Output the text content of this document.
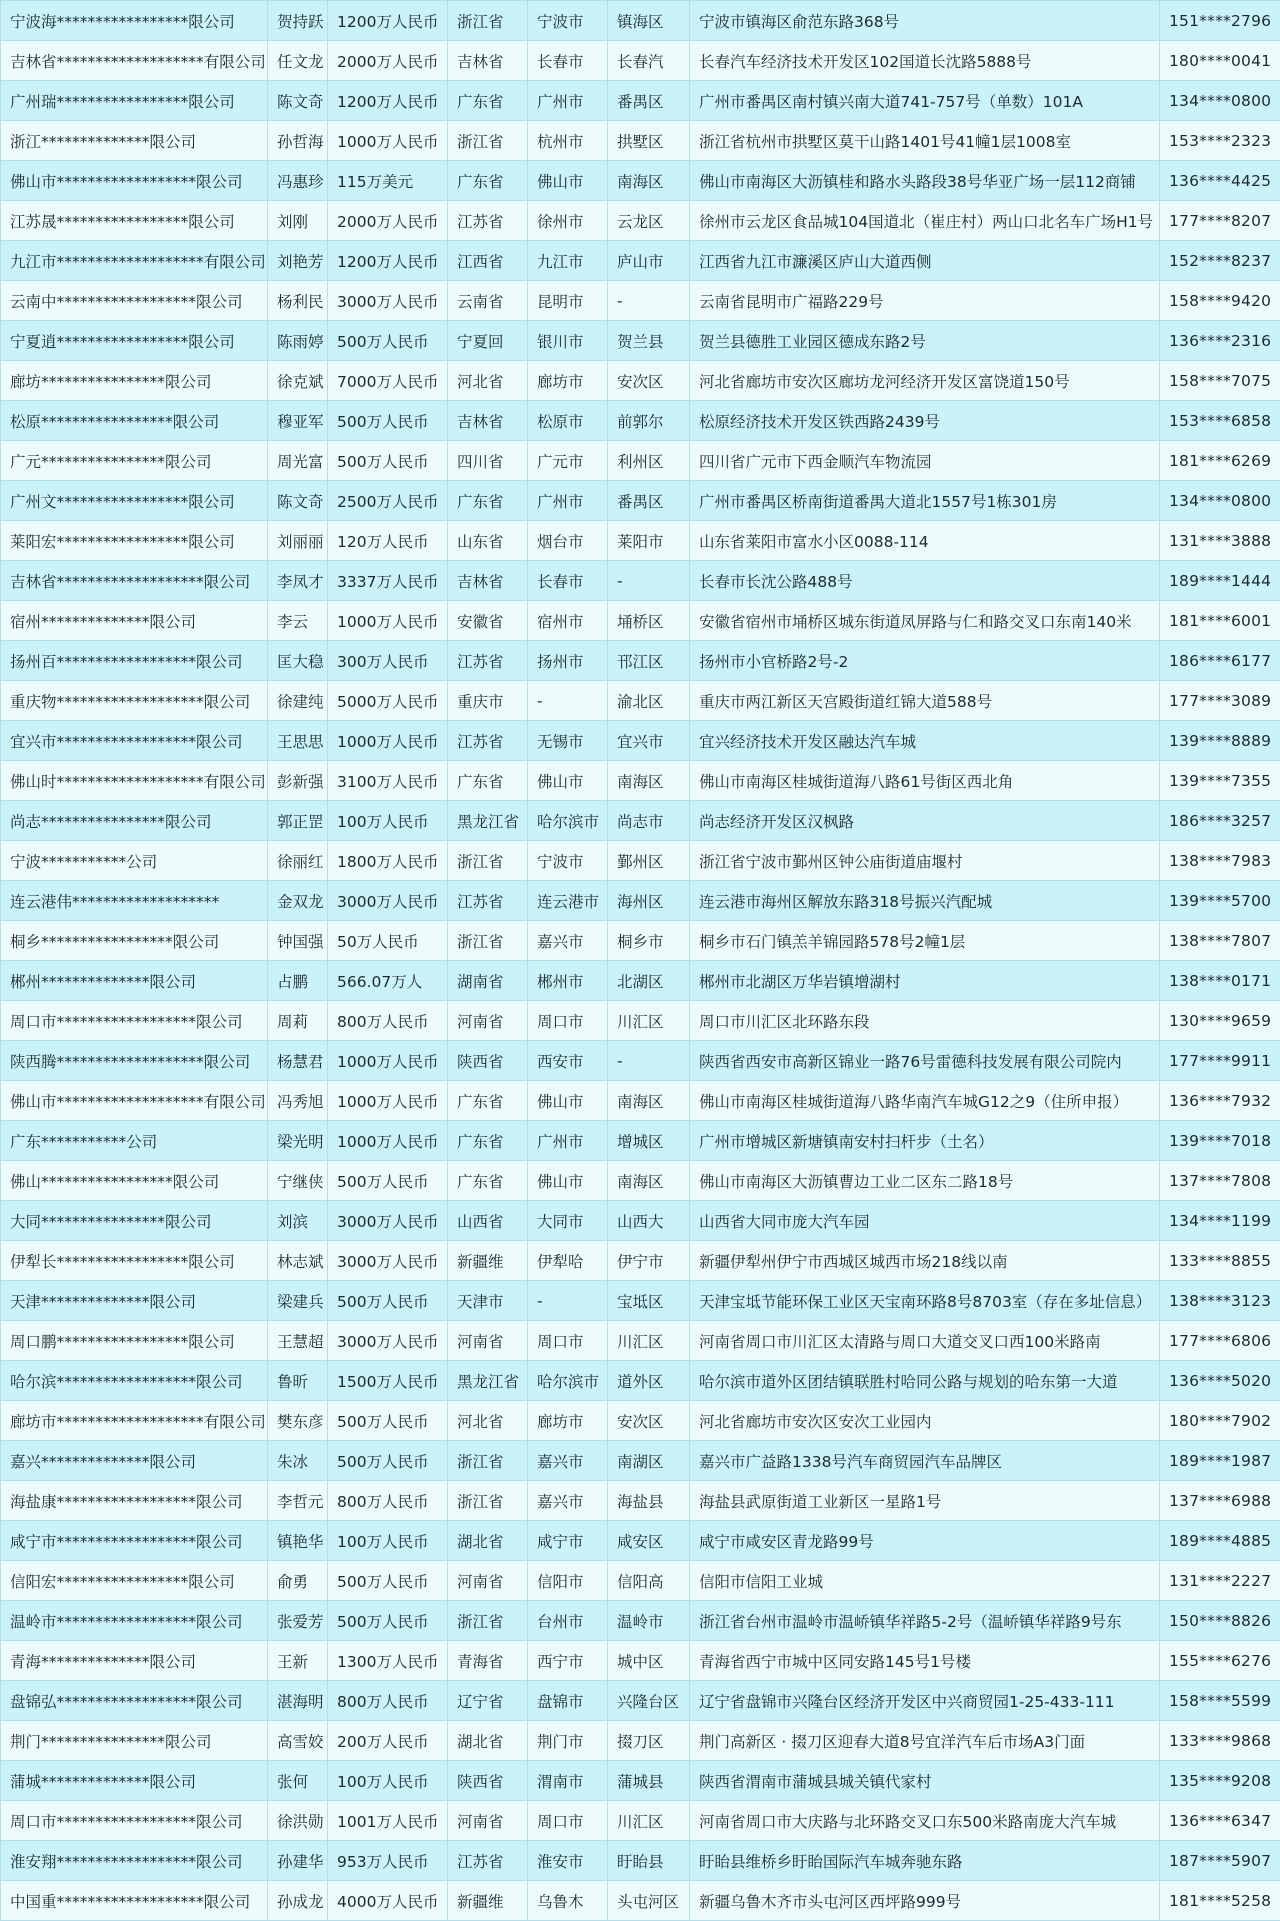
宁波海*****************限公司	贺持跃	1200万人民币	浙江省	宁波市	镇海区	宁波市镇海区俞范东路368号	151****2796
吉林省*******************有限公司	任文龙	2000万人民币	吉林省	长春市	长春汽	长春汽车经济技术开发区102国道长沈路5888号	180****0041
广州瑞*****************限公司	陈文奇	1200万人民币	广东省	广州市	番禺区	广州市番禺区南村镇兴南大道741-757号（单数）101A	134****0800
浙江**************限公司	孙哲海	1000万人民币	浙江省	杭州市	拱墅区	浙江省杭州市拱墅区莫干山路1401号41幢1层1008室	153****2323
佛山市******************限公司	冯惠珍	115万美元	广东省	佛山市	南海区	佛山市南海区大沥镇桂和路水头路段38号华亚广场一层112商铺	136****4425
江苏晟*****************限公司	刘刚	2000万人民币	江苏省	徐州市	云龙区	徐州市云龙区食品城104国道北（崔庄村）两山口北名车广场H1号	177****8207
九江市*******************有限公司	刘艳芳	1200万人民币	江西省	九江市	庐山市	江西省九江市濂溪区庐山大道西侧	152****8237
云南中******************限公司	杨利民	3000万人民币	云南省	昆明市	-	云南省昆明市广福路229号	158****9420
宁夏逍*****************限公司	陈雨婷	500万人民币	宁夏回	银川市	贺兰县	贺兰县德胜工业园区德成东路2号	136****2316
廊坊****************限公司	徐克斌	7000万人民币	河北省	廊坊市	安次区	河北省廊坊市安次区廊坊龙河经济开发区富饶道150号	158****7075
松原*****************限公司	穆亚军	500万人民币	吉林省	松原市	前郭尔	松原经济技术开发区铁西路2439号	153****6858
广元****************限公司	周光富	500万人民币	四川省	广元市	利州区	四川省广元市下西金顺汽车物流园	181****6269
广州文*****************限公司	陈文奇	2500万人民币	广东省	广州市	番禺区	广州市番禺区桥南街道番禺大道北1557号1栋301房	134****0800
莱阳宏*****************限公司	刘丽丽	120万人民币	山东省	烟台市	莱阳市	山东省莱阳市富水小区0088-114	131****3888
吉林省*******************限公司	李凤才	3337万人民币	吉林省	长春市	-	长春市长沈公路488号	189****1444
宿州**************限公司	李云	1000万人民币	安徽省	宿州市	埇桥区	安徽省宿州市埇桥区城东街道凤屏路与仁和路交叉口东南140米	181****6001
扬州百******************限公司	匡大稳	300万人民币	江苏省	扬州市	邗江区	扬州市小官桥路2号-2	186****6177
重庆物*******************限公司	徐建纯	5000万人民币	重庆市	-	渝北区	重庆市两江新区天宫殿街道红锦大道588号	177****3089
宜兴市******************限公司	王思思	1000万人民币	江苏省	无锡市	宜兴市	宜兴经济技术开发区融达汽车城	139****8889
佛山时*******************有限公司	彭新强	3100万人民币	广东省	佛山市	南海区	佛山市南海区桂城街道海八路61号街区西北角	139****7355
尚志****************限公司	郭正罡	100万人民币	黑龙江省	哈尔滨市	尚志市	尚志经济开发区汉枫路	186****3257
宁波***********公司	徐丽红	1800万人民币	浙江省	宁波市	鄞州区	浙江省宁波市鄞州区钟公庙街道庙堰村	138****7983
连云港伟*******************	金双龙	3000万人民币	江苏省	连云港市	海州区	连云港市海州区解放东路318号振兴汽配城	139****5700
桐乡*****************限公司	钟国强	50万人民币	浙江省	嘉兴市	桐乡市	桐乡市石门镇羔羊锦园路578号2幢1层	138****7807
郴州**************限公司	占鹏	566.07万人	湖南省	郴州市	北湖区	郴州市北湖区万华岩镇增湖村	138****0171
周口市******************限公司	周莉	800万人民币	河南省	周口市	川汇区	周口市川汇区北环路东段	130****9659
陕西腾*******************限公司	杨慧君	1000万人民币	陕西省	西安市	-	陕西省西安市高新区锦业一路76号雷德科技发展有限公司院内	177****9911
佛山市*******************有限公司	冯秀旭	1000万人民币	广东省	佛山市	南海区	佛山市南海区桂城街道海八路华南汽车城G12之9（住所申报）	136****7932
广东***********公司	梁光明	1000万人民币	广东省	广州市	增城区	广州市增城区新塘镇南安村扫杆步（土名）	139****7018
佛山*****************限公司	宁继侠	500万人民币	广东省	佛山市	南海区	佛山市南海区大沥镇曹边工业二区东二路18号	137****7808
大同****************限公司	刘滨	3000万人民币	山西省	大同市	山西大	山西省大同市庞大汽车园	134****1199
伊犁长*****************限公司	林志斌	3000万人民币	新疆维	伊犁哈	伊宁市	新疆伊犁州伊宁市西城区城西市场218线以南	133****8855
天津**************限公司	梁建兵	500万人民币	天津市	-	宝坻区	天津宝坻节能环保工业区天宝南环路8号8703室（存在多址信息）	138****3123
周口鹏*****************限公司	王慧超	3000万人民币	河南省	周口市	川汇区	河南省周口市川汇区太清路与周口大道交叉口西100米路南	177****6806
哈尔滨******************限公司	鲁昕	1500万人民币	黑龙江省	哈尔滨市	道外区	哈尔滨市道外区团结镇联胜村哈同公路与规划的哈东第一大道	136****5020
廊坊市*******************有限公司	樊东彦	500万人民币	河北省	廊坊市	安次区	河北省廊坊市安次区安次工业园内	180****7902
嘉兴**************限公司	朱冰	500万人民币	浙江省	嘉兴市	南湖区	嘉兴市广益路1338号汽车商贸园汽车品牌区	189****1987
海盐康******************限公司	李哲元	800万人民币	浙江省	嘉兴市	海盐县	海盐县武原街道工业新区一星路1号	137****6988
咸宁市******************限公司	镇艳华	100万人民币	湖北省	咸宁市	咸安区	咸宁市咸安区青龙路99号	189****4885
信阳宏*****************限公司	俞勇	500万人民币	河南省	信阳市	信阳高	信阳市信阳工业城	131****2227
温岭市******************限公司	张爱芳	500万人民币	浙江省	台州市	温岭市	浙江省台州市温岭市温峤镇华祥路5-2号（温峤镇华祥路9号东	150****8826
青海**************限公司	王新	1300万人民币	青海省	西宁市	城中区	青海省西宁市城中区同安路145号1号楼	155****6276
盘锦弘******************限公司	湛海明	800万人民币	辽宁省	盘锦市	兴隆台区	辽宁省盘锦市兴隆台区经济开发区中兴商贸园1-25-433-111	158****5599
荆门****************限公司	高雪姣	200万人民币	湖北省	荆门市	掇刀区	荆门高新区 · 掇刀区迎春大道8号宜洋汽车后市场A3门面	133****9868
蒲城**************限公司	张何	100万人民币	陕西省	渭南市	蒲城县	陕西省渭南市蒲城县城关镇代家村	135****9208
周口市******************限公司	徐洪勋	1001万人民币	河南省	周口市	川汇区	河南省周口市大庆路与北环路交叉口东500米路南庞大汽车城	136****6347
淮安翔******************限公司	孙建华	953万人民币	江苏省	淮安市	盱眙县	盱眙县维桥乡盱眙国际汽车城奔驰东路	187****5907
中国重*******************限公司	孙成龙	4000万人民币	新疆维	乌鲁木	头屯河区	新疆乌鲁木齐市头屯河区西坪路999号	181****5258
